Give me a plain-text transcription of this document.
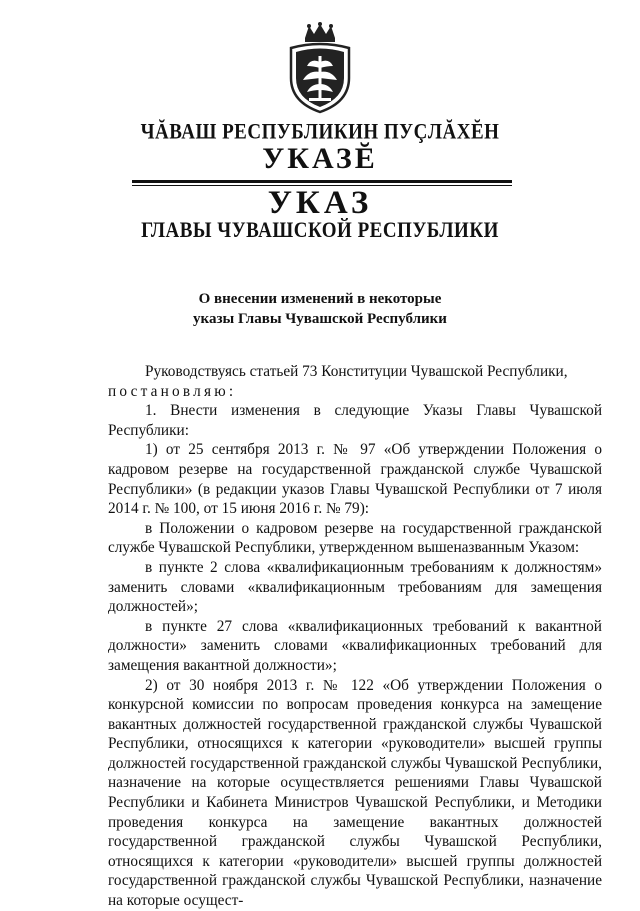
ЧĂВАШ РЕСПУБЛИКИН ПУÇЛĂХĔН
УКАЗĔ
УКАЗ
ГЛАВЫ ЧУВАШСКОЙ РЕСПУБЛИКИ
О внесении изменений в некоторые
указы Главы Чувашской Республики

Руководствуясь статьей 73 Конституции Чувашской Республики,

постановляю:

1. Внести изменения в следующие Указы Главы Чувашской Республики:

1) от 25 сентября 2013 г. № 97 «Об утверждении Положения о кадровом резерве на государственной гражданской службе Чувашской Республики» (в редакции указов Главы Чувашской Республики от 7 июля 2014 г. № 100, от 15 июня 2016 г. № 79):

в Положении о кадровом резерве на государственной гражданской службе Чувашской Республики, утвержденном вышеназванным Указом:

в пункте 2 слова «квалификационным требованиям к должностям» заменить словами «квалификационным требованиям для замещения должностей»;

в пункте 27 слова «квалификационных требований к вакантной должности» заменить словами «квалификационных требований для замещения вакантной должности»;

2) от 30 ноября 2013 г. № 122 «Об утверждении Положения о конкурсной комиссии по вопросам проведения конкурса на замещение вакантных должностей государственной гражданской службы Чувашской Республики, относящихся к категории «руководители» высшей группы должностей государственной гражданской службы Чувашской Республики, назначение на которые осуществляется решениями Главы Чувашской Республики и Кабинета Министров Чувашской Республики, и Методики проведения конкурса на замещение вакантных должностей государственной гражданской службы Чувашской Республики, относящихся к категории «руководители» высшей группы должностей государственной гражданской службы Чувашской Республики, назначение на которые осущест-
